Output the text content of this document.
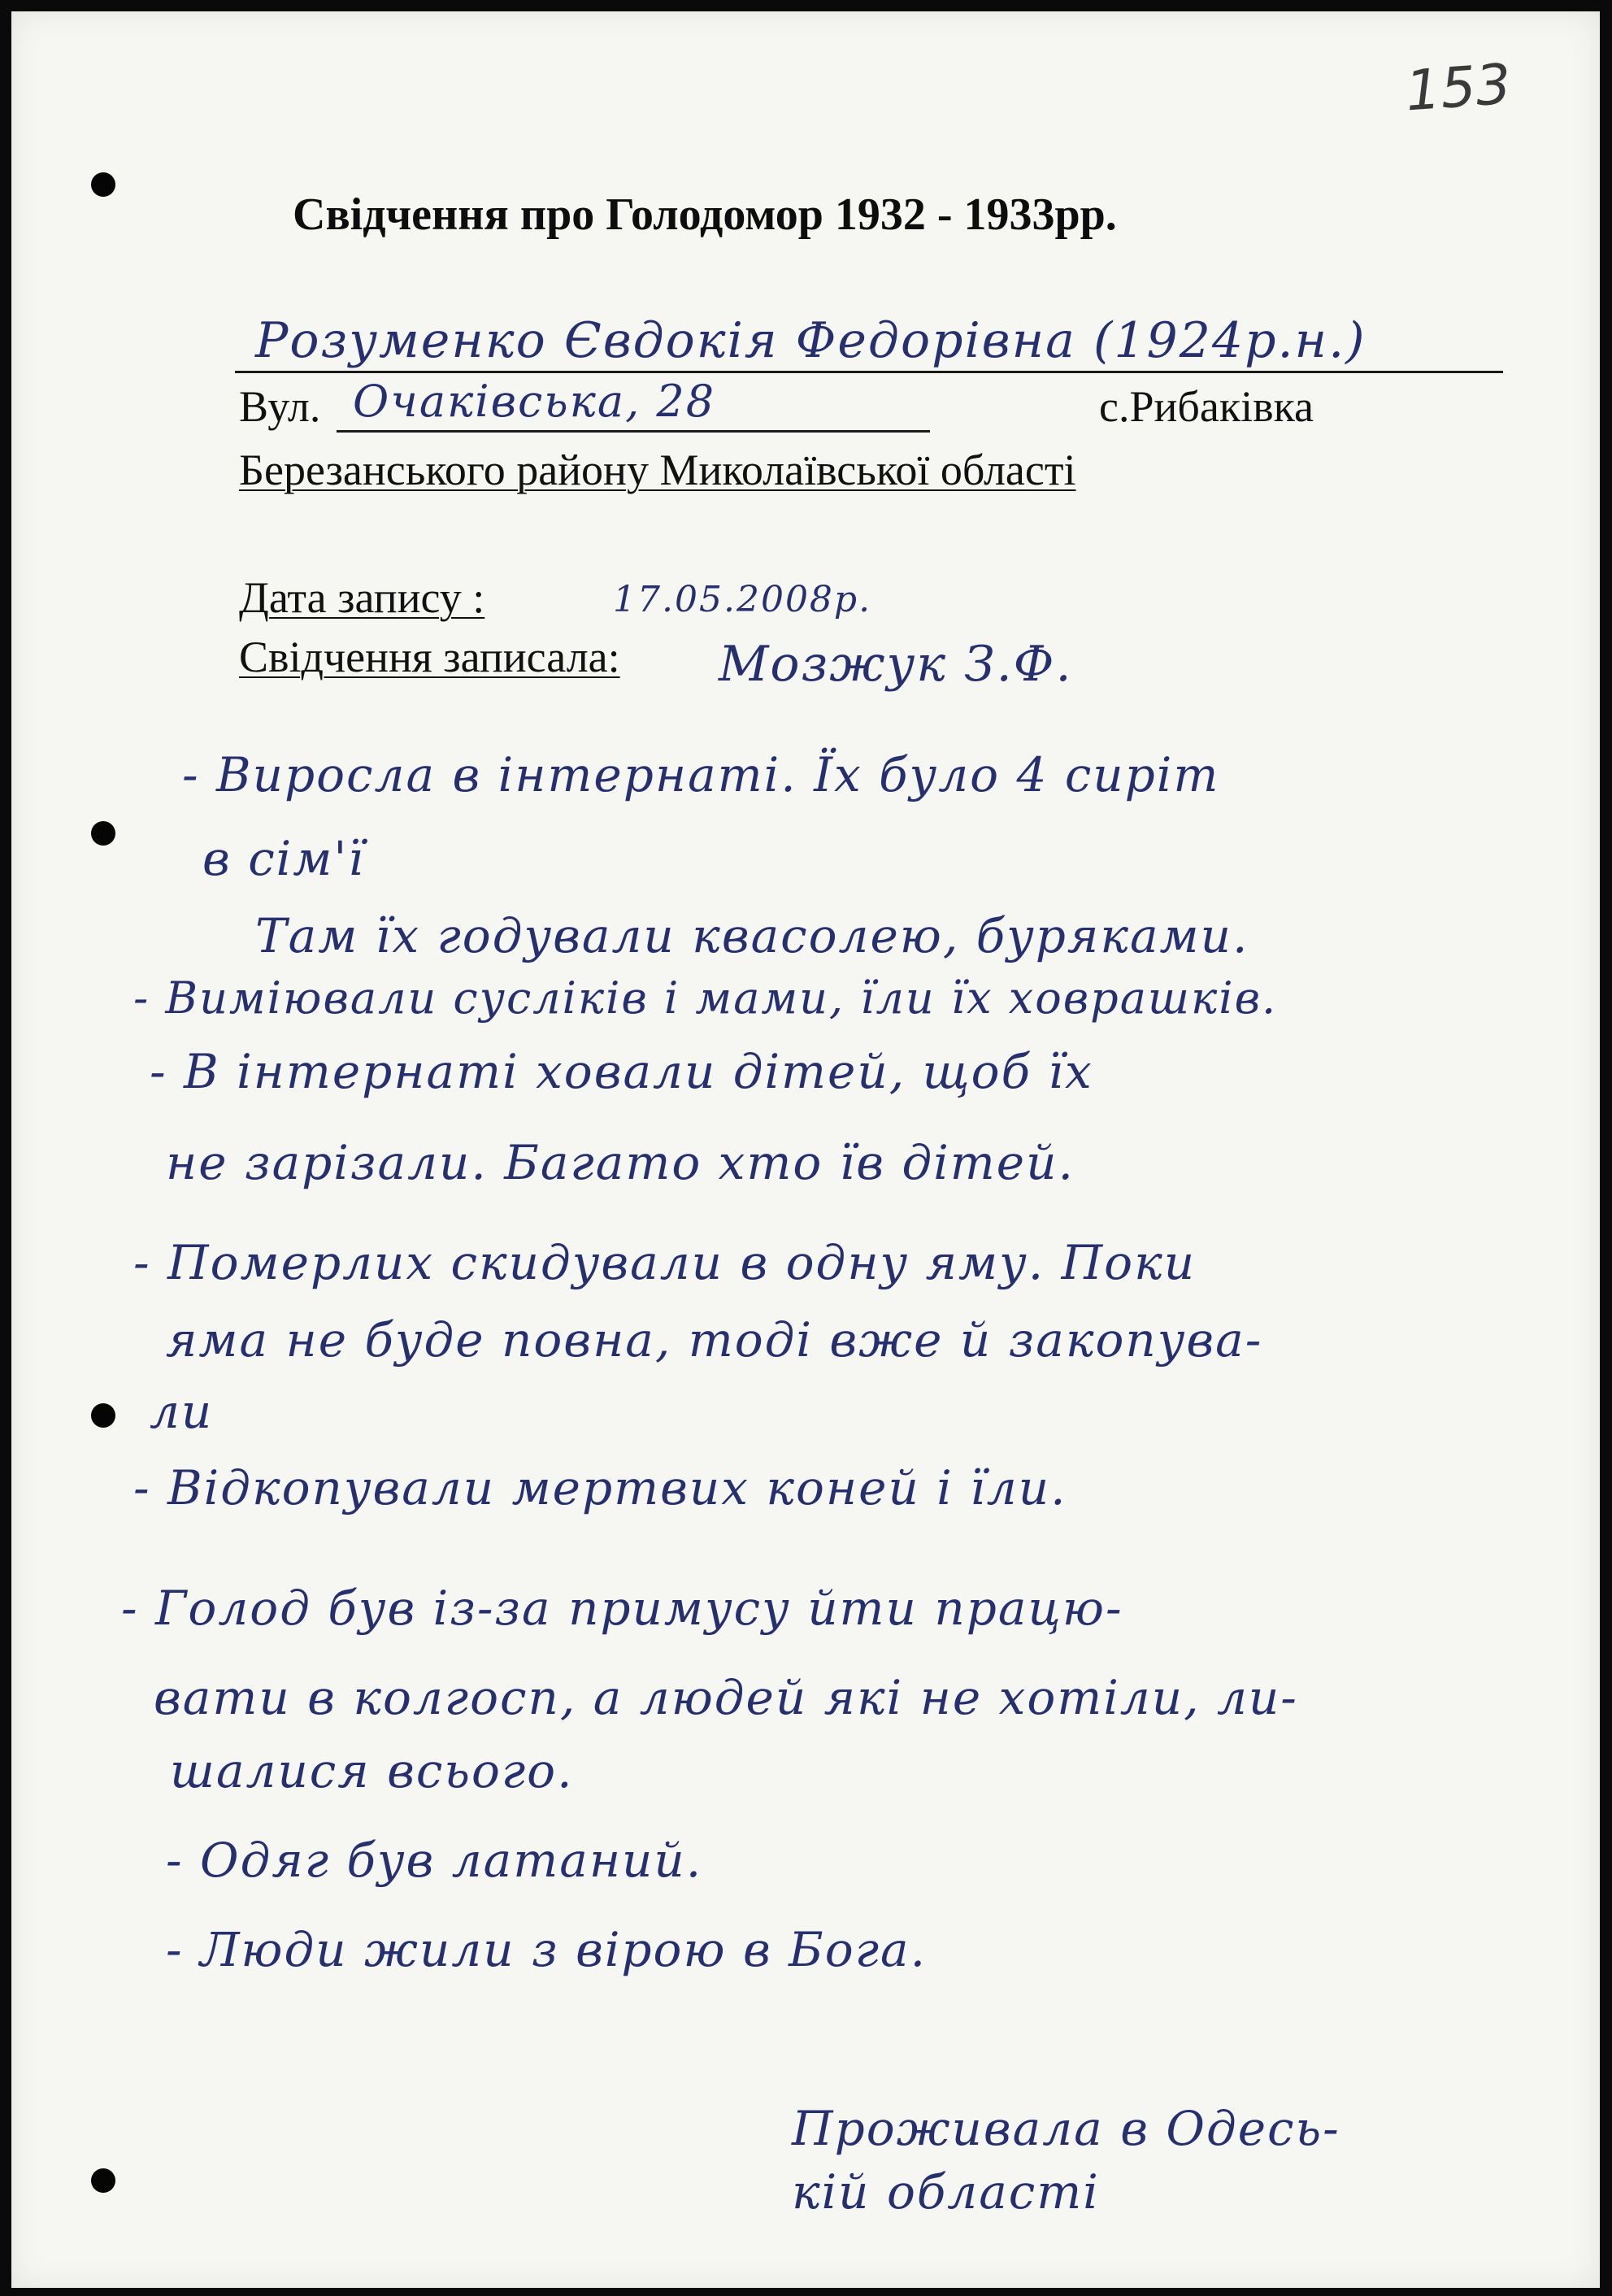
153
Свідчення про Голодомор 1932 - 1933рр.
Розуменко Євдокія Федорівна (1924р.н.)
Вул. Очаківська, 28	с.Рибаківка
Березанського району Миколаївської області
Дата запису :	17.05.2008р.
Свідчення записала: Мозжук З.Ф.
- Виросла в інтернаті. Їх було 4 сиріт
в сім'ї
Там їх годували квасолею, буряками.
- Виміювали сусліків і мами, їли їх ховрашків.
- В інтернаті ховали дітей, щоб їх
не зарізали. Багато хто їв дітей.
- Померлих скидували в одну яму. Поки
яма не буде повна, тоді вже й закопува-
ли
- Відкопували мертвих коней і їли.
- Голод був із-за примусу йти працю-
вати в колгосп, а людей які не хотіли, ли-
шалися всього.
- Одяг був латаний.
- Люди жили з вірою в Бога.
Проживала в Одесь-
кій області
